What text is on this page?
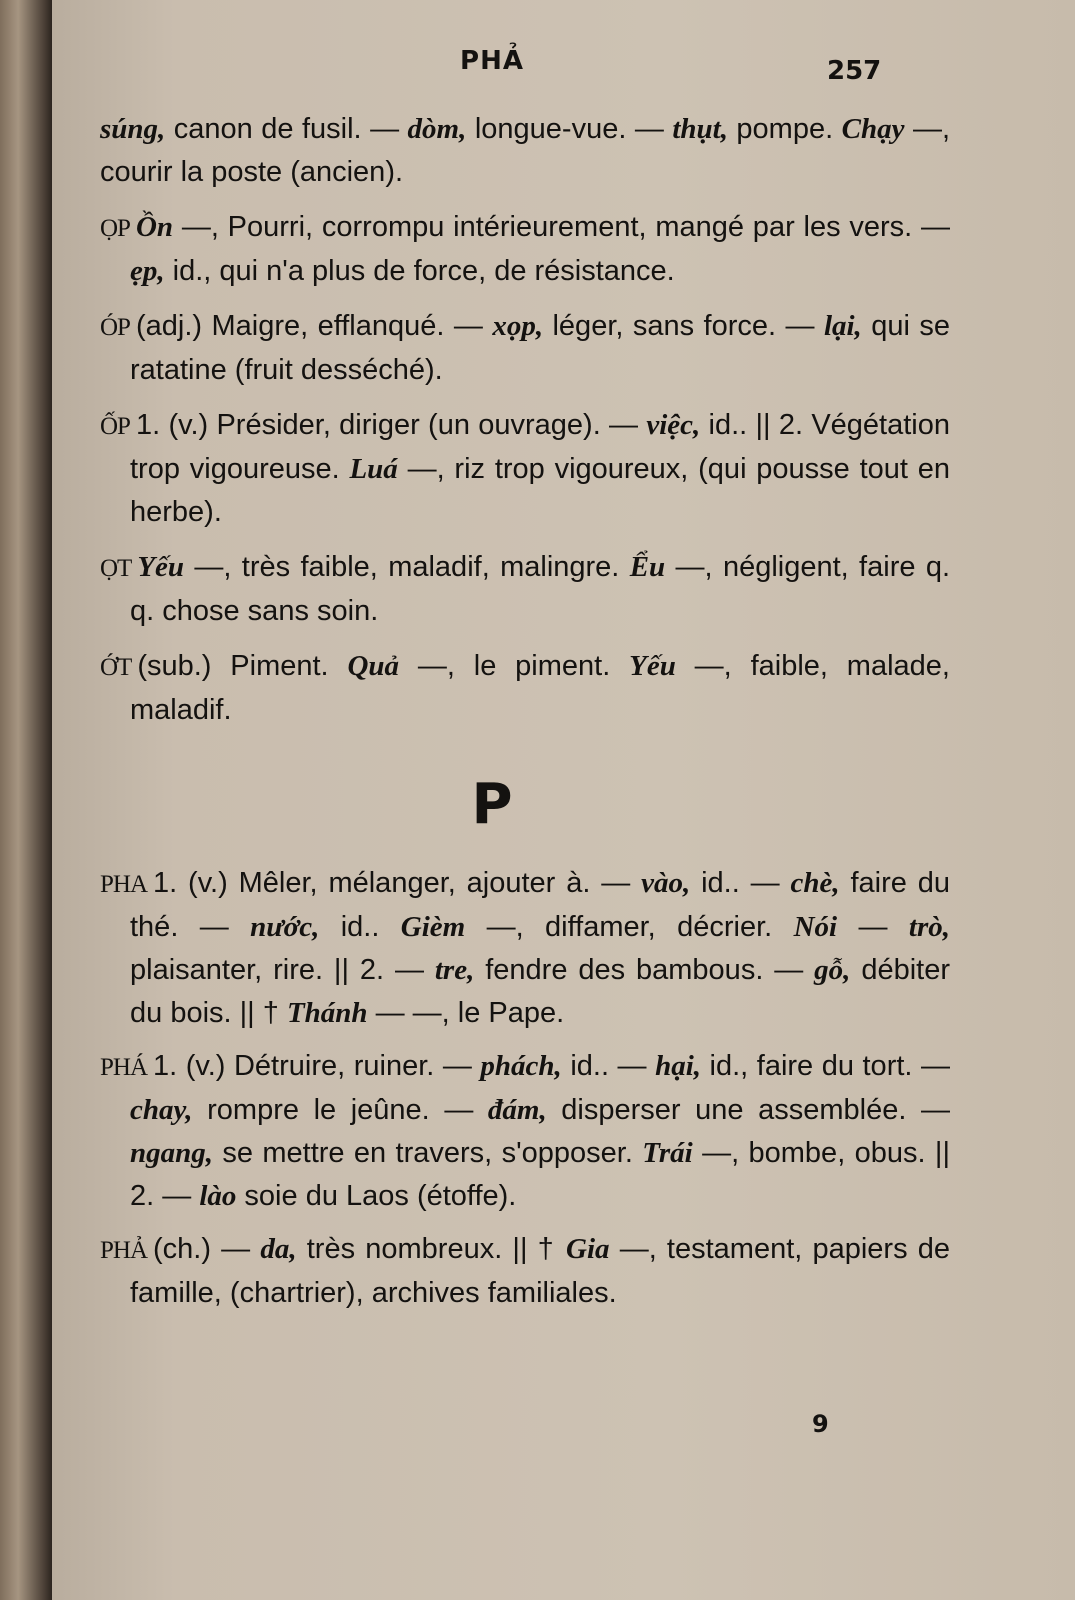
PHẢ	257
súng, canon de fusil. — dòm, longue-vue. — thụt, pompe. Chạy —, courir la poste (ancien).
ỌP Ồn —, Pourri, corrompu intérieurement, mangé par les vers. — ẹp, id., qui n'a plus de force, de résistance.
ÓP (adj.) Maigre, efflanqué. — xọp, léger, sans force. — lại, qui se ratatine (fruit desséché).
ỐP 1. (v.) Présider, diriger (un ouvrage). — việc, id.. || 2. Végétation trop vigoureuse. Luá —, riz trop vigoureux, (qui pousse tout en herbe).
ỌT Yếu —, très faible, maladif, malingre. Ểu —, négligent, faire q. q. chose sans soin.
ỚT (sub.) Piment. Quả —, le piment. Yếu —, faible, malade, maladif.
P
PHA 1. (v.) Mêler, mélanger, ajouter à. — vào, id.. — chè, faire du thé. — nước, id.. Gièm —, diffamer, décrier. Nói — trò, plaisanter, rire. || 2. — tre, fendre des bambous. — gỗ, débiter du bois. || † Thánh — —, le Pape.
PHÁ 1. (v.) Détruire, ruiner. — phách, id.. — hại, id., faire du tort. — chay, rompre le jeûne. — đám, disperser une assemblée. — ngang, se mettre en travers, s'opposer. Trái —, bombe, obus. || 2. — lào soie du Laos (étoffe).
PHẢ (ch.) — da, très nombreux. || † Gia —, testament, papiers de famille, (chartrier), archives familiales.
9
